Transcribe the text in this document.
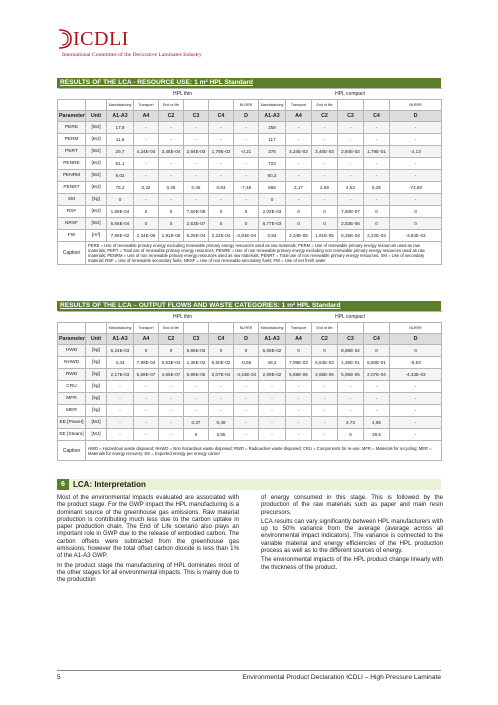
ICDLI
International Committee of the Decorative Laminates Industry
RESULTS OF THE LCA - RESOURCE USE: 1 m² HPL Standard
		HPL thin						HPL compact					
		Manufacturing	Transport	End of life			NLRRR	Manufacturing	Transport	End of life			NLRRR
Parameter	Unit	A1-A3	A4	C2	C3	C4	D	A1-A3	A4	C2	C3	C4	D
PERE	[MJ]	17,9	-	-	-	-	-	258	-	-	-	-	-
PERM	[MJ]	11,6	-	-	-	-	-	117	-	-	-	-	-
PERT	[MJ]	29,7	4,24E-04	3,46E-04	2,84E-03	1,79E-02	-0,21	376	4,24E-03	3,46E-03	2,84E-02	1,79E-01	-2,13
PENRE	[MJ]	61,1	-	-	-	-	-	723	-	-	-	-	-
PENRM	[MJ]	9,02	-	-	-	-	-	90,2	-	-	-	-	-
PENRT	[MJ]	75,2	0,32	0,26	0,45	0,63	-7,46	866	3,17	2,59	4,53	6,26	-74,60
SM	[kg]	0	-	-	-	-	-	0	-	-	-	-	-
RSF	[MJ]	1,68E-04	0	0	7,50E-08	0	0	2,02E-03	0	0	7,50E-07	0	0
NRSF	[MJ]	5,66E-04	0	0	2,53E-07	0	0	6,77E-03	0	0	2,53E-06	0	0
FW	[m³]	7,86E-02	2,34E-06	1,91E-06	6,25E-04	2,22E-04	-3,84E-04	0,84	2,34E-05	1,91E-05	6,25E-03	2,22E-03	-3,84E-03
Caption	PERE = Use of renewable primary energy excluding renewable primary energy resources used as raw materials; PERM = Use of renewable primary energy resources used as raw materials; PERT = Total use of renewable primary energy resources; PENRE = Use of non renewable primary energy excluding non renewable primary energy resources used as raw materials; PENRM = Use of non renewable primary energy resources used as raw materials; PENRT = Total use of non renewable primary energy resources; SM = Use of secondary material; RSF = Use of renewable secondary fuels; NRSF = Use of non renewable secondary fuels; FW = Use of net fresh water												
RESULTS OF THE LCA – OUTPUT FLOWS AND WASTE CATEGORIES: 1 m² HPL Standard
		HPL thin						HPL compact					
		Manufacturing	Transport	End of life			NLRRR	Manufacturing	Transport	End of life			NLRRR
Parameter	Unit	A1-A3	A4	C2	C3	C4	D	A1-A3	A4	C2	C3	C4	D
HWD	[kg]	6,24E-03	0	0	8,86E-03	0	0	6,08E-02	0	0	8,86E-02	0	0
NHWD	[kg]	4,34	7,99E-04	6,53E-04	1,36E-02	6,50E-02	-0,56	48,2	7,99E-03	6,53E-03	1,36E-01	6,50E-01	-5,63
RWD	[kg]	2,17E-03	5,69E-07	4,65E-07	5,95E-05	2,07E-04	-4,43E-04	2,09E-02	5,69E-06	4,65E-06	5,95E-05	2,07E-04	-4,43E-03
CRU	[kg]	-	-	-	-	-	-	-	-	-	-	-	-
MFR	[kg]	-	-	-	-	-	-	-	-	-	-	-	-
MER	[kg]	-	-	-	-	-	-	-	-	-	-	-	-
EE [Power]	[MJ]	-	-	-	0,37	0,49	-	-	-	-	3,73	4,95	-
EE [Steam]	[MJ]	-	-	-	0	3,95	-	-	-	-	0	39,5	-
Caption	HWD = Hazardous waste disposed; NHWD = Non hazardous waste disposed; RWD = Radioactive waste disposed; CRU = Components for re-use; MFR = Materials for recycling; MER = Materials for energy recovery; EE = Exported energy per energy carrier												
6	LCA: Interpretation

Most of the environmental impacts evaluated are associated with the product stage. For the GWP impact the HPL manufacturing is a dominant source of the greenhouse gas emissions. Raw material production is contributing much less due to the carbon uptake in paper production chain. The End of Life scenario also plays an important role in GWP due to the release of embodied carbon. The carbon offsets were subtracted from the greenhouse gas emissions; however the total offset carbon dioxide is less than 1% of the A1-A3 GWP.

In the product stage the manufacturing of HPL dominates most of the other stages for all environmental impacts. This is mainly due to the production

of energy consumed in this stage. This is followed by the production of the raw materials such as paper and main resin precursors.

LCA results can vary significantly between HPL manufacturers with up to 50% variance from the average (average across all environmental impact indicators). The variance is connected to the variable material and energy efficiencies of the HPL production process as well as to the different sources of energy.

The environmental impacts of the HPL product change linearly with the thickness of the product.

5	Environmental Product Declaration ICDLI – High Pressure Laminate
